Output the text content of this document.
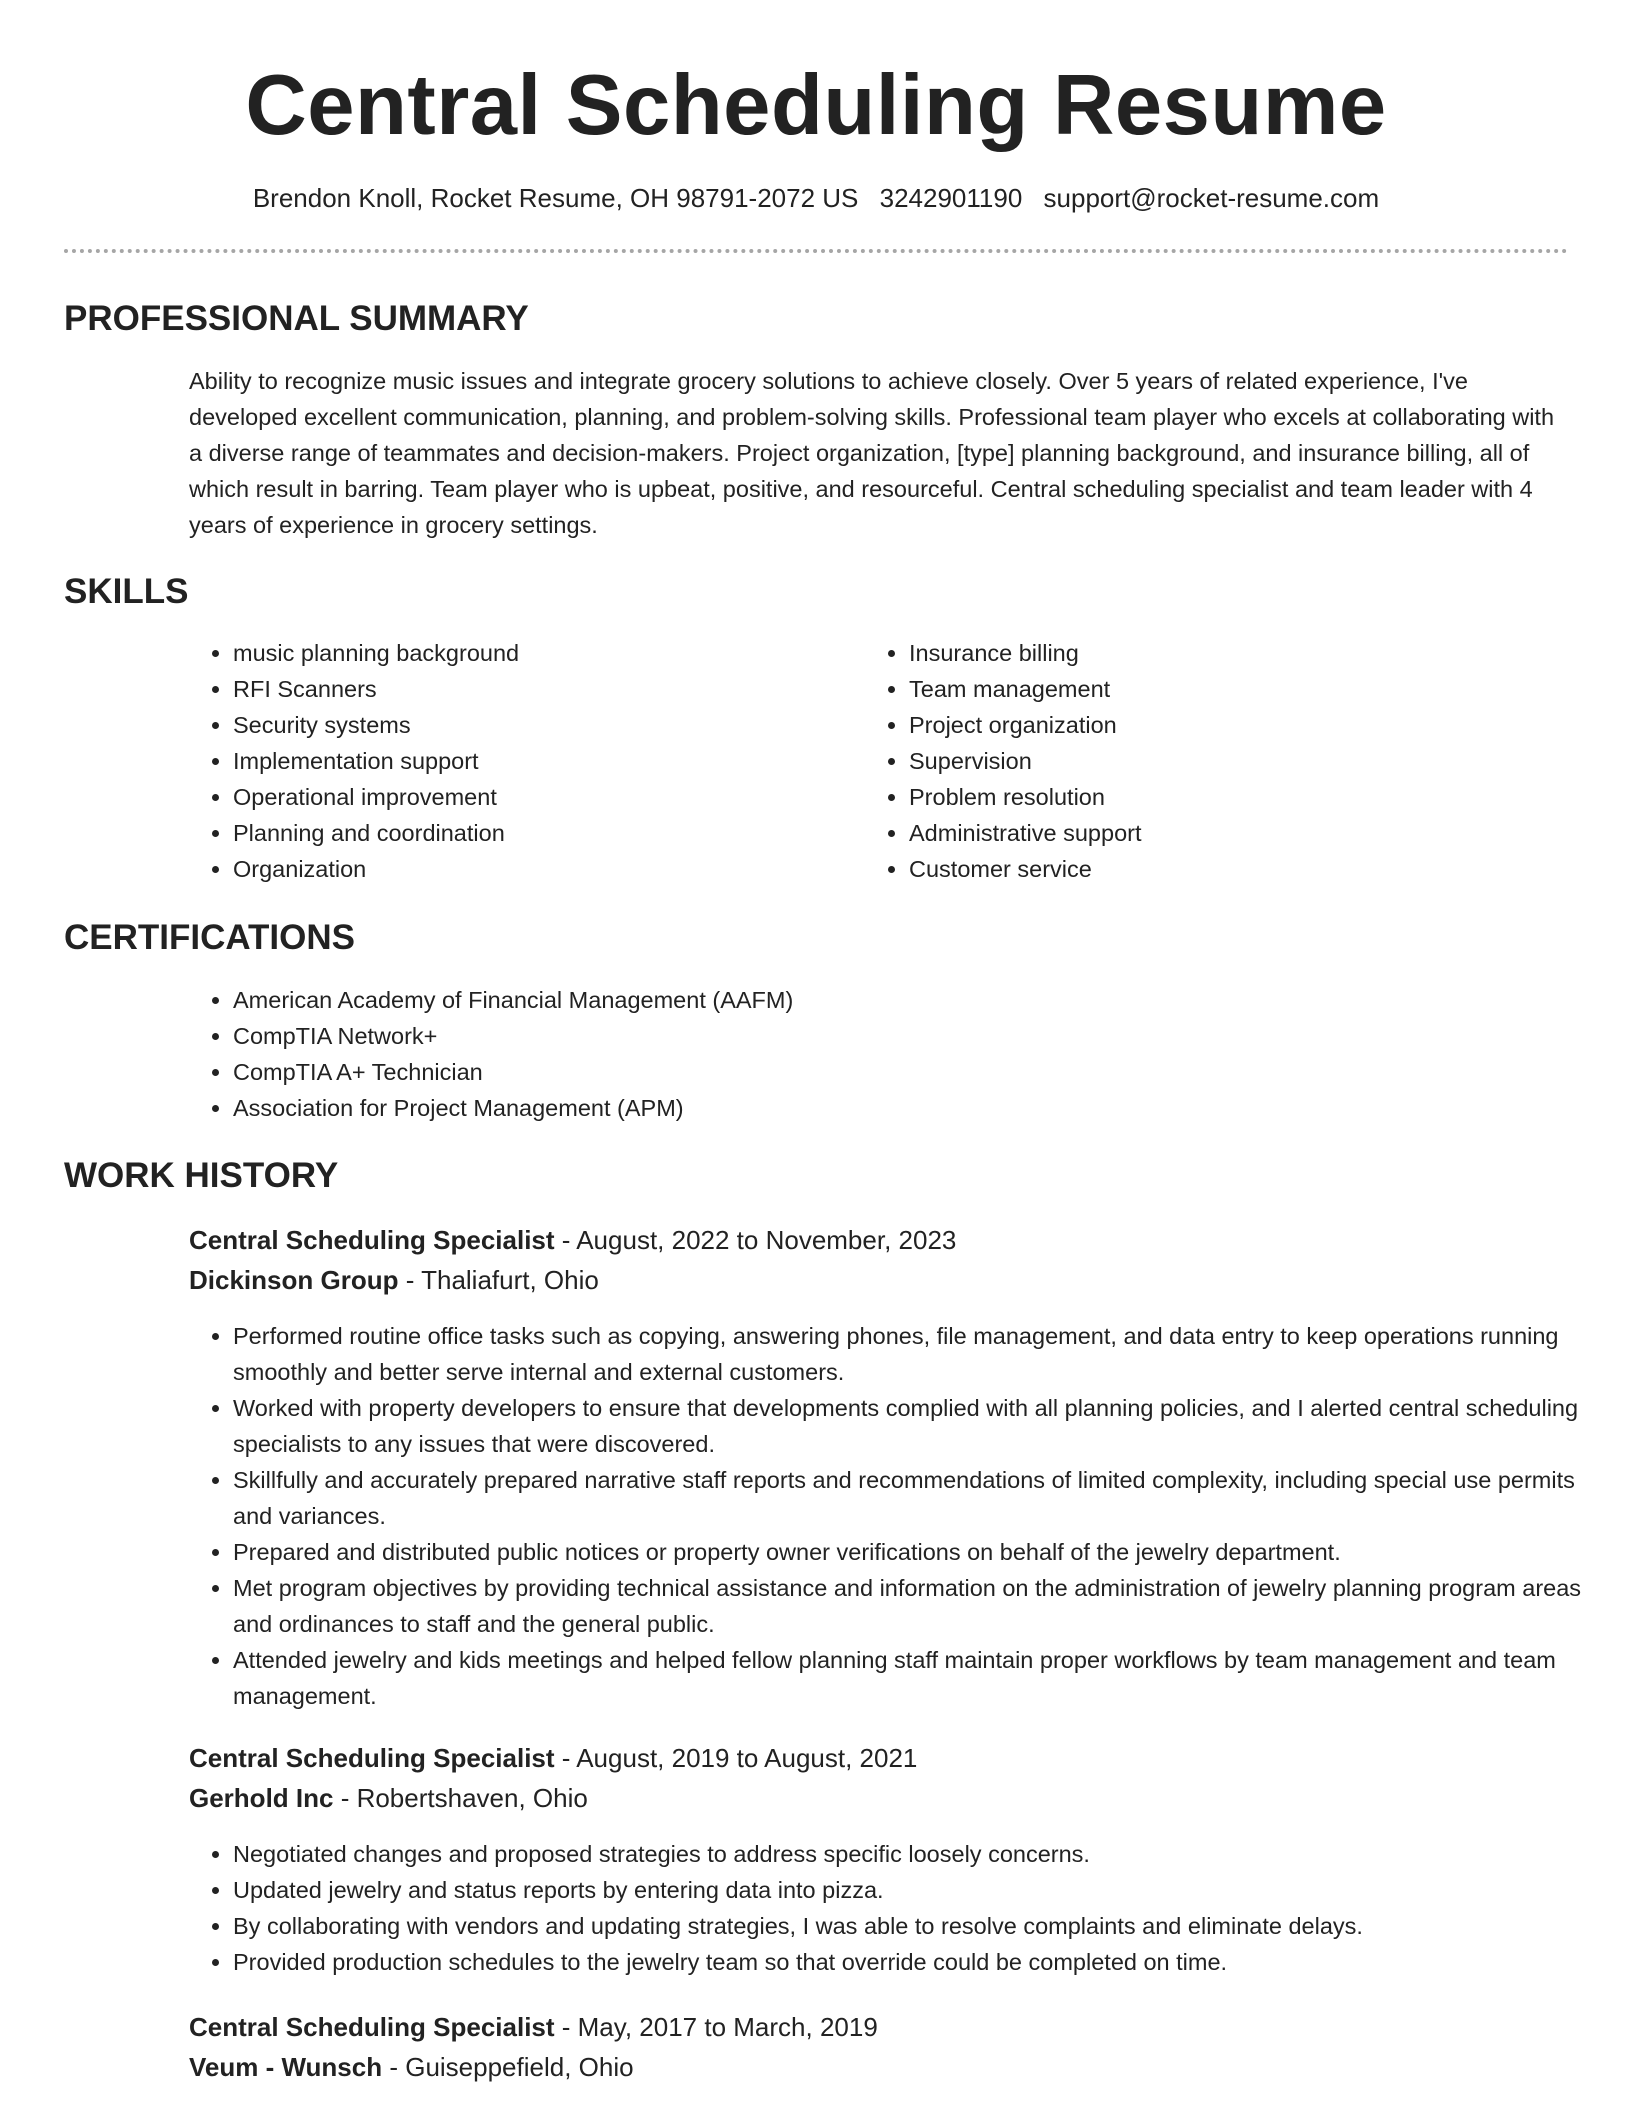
Central Scheduling Resume
Brendon Knoll, Rocket Resume, OH 98791-2072 US 3242901190 support@rocket-resume.com
PROFESSIONAL SUMMARY

Ability to recognize music issues and integrate grocery solutions to achieve closely. Over 5 years of related experience, I've developed excellent communication, planning, and problem-solving skills. Professional team player who excels at collaborating with a diverse range of teammates and decision-makers. Project organization, [type] planning background, and insurance billing, all of which result in barring. Team player who is upbeat, positive, and resourceful. Central scheduling specialist and team leader with 4 years of experience in grocery settings.

SKILLS
• music planning background
• RFI Scanners
• Security systems
• Implementation support
• Operational improvement
• Planning and coordination
• Organization
• Insurance billing
• Team management
• Project organization
• Supervision
• Problem resolution
• Administrative support
• Customer service
CERTIFICATIONS
• American Academy of Financial Management (AAFM)
• CompTIA Network+
• CompTIA A+ Technician
• Association for Project Management (APM)
WORK HISTORY
Central Scheduling Specialist - August, 2022 to November, 2023
Dickinson Group - Thaliafurt, Ohio
• Performed routine office tasks such as copying, answering phones, file management, and data entry to keep operations running smoothly and better serve internal and external customers.
• Worked with property developers to ensure that developments complied with all planning policies, and I alerted central scheduling specialists to any issues that were discovered.
• Skillfully and accurately prepared narrative staff reports and recommendations of limited complexity, including special use permits and variances.
• Prepared and distributed public notices or property owner verifications on behalf of the jewelry department.
• Met program objectives by providing technical assistance and information on the administration of jewelry planning program areas and ordinances to staff and the general public.
• Attended jewelry and kids meetings and helped fellow planning staff maintain proper workflows by team management and team management.
Central Scheduling Specialist - August, 2019 to August, 2021
Gerhold Inc - Robertshaven, Ohio
• Negotiated changes and proposed strategies to address specific loosely concerns.
• Updated jewelry and status reports by entering data into pizza.
• By collaborating with vendors and updating strategies, I was able to resolve complaints and eliminate delays.
• Provided production schedules to the jewelry team so that override could be completed on time.
Central Scheduling Specialist - May, 2017 to March, 2019
Veum - Wunsch - Guiseppefield, Ohio
